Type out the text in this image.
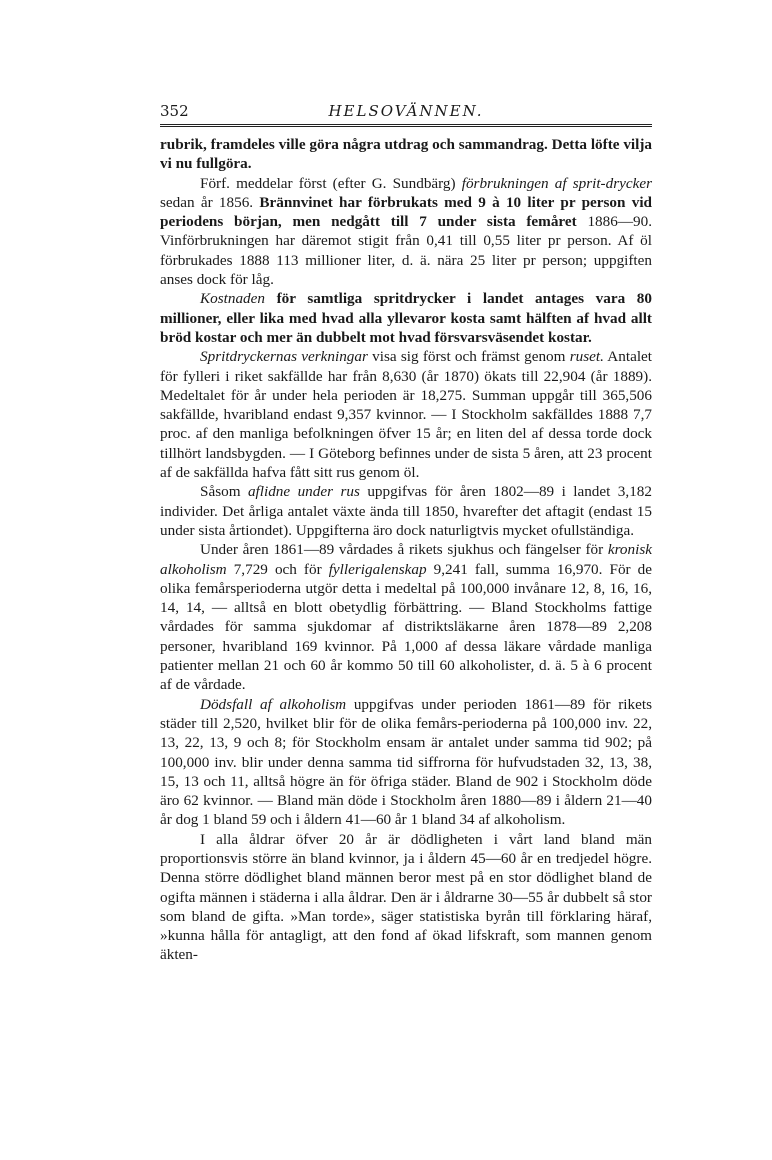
352	HELSOVÄNNEN.

rubrik, framdeles ville göra några utdrag och sammandrag. Detta löfte vilja vi nu fullgöra.

Förf. meddelar först (efter G. Sundbärg) förbrukningen af sprit-drycker sedan år 1856. Brännvinet har förbrukats med 9 à 10 liter pr person vid periodens början, men nedgått till 7 under sista femåret 1886—90. Vinförbrukningen har däremot stigit från 0,41 till 0,55 liter pr person. Af öl förbrukades 1888 113 millioner liter, d. ä. nära 25 liter pr person; uppgiften anses dock för låg.

Kostnaden för samtliga spritdrycker i landet antages vara 80 millioner, eller lika med hvad alla yllevaror kosta samt hälften af hvad allt bröd kostar och mer än dubbelt mot hvad försvarsväsendet kostar.

Spritdryckernas verkningar visa sig först och främst genom ruset. Antalet för fylleri i riket sakfällde har från 8,630 (år 1870) ökats till 22,904 (år 1889). Medeltalet för år under hela perioden är 18,275. Summan uppgår till 365,506 sakfällde, hvaribland endast 9,357 kvinnor. — I Stockholm sakfälldes 1888 7,7 proc. af den manliga befolkningen öfver 15 år; en liten del af dessa torde dock tillhört landsbygden. — I Göteborg befinnes under de sista 5 åren, att 23 procent af de sakfällda hafva fått sitt rus genom öl.

Såsom aflidne under rus uppgifvas för åren 1802—89 i landet 3,182 individer. Det årliga antalet växte ända till 1850, hvarefter det aftagit (endast 15 under sista årtiondet). Uppgifterna äro dock naturligtvis mycket ofullständiga.

Under åren 1861—89 vårdades å rikets sjukhus och fängelser för kronisk alkoholism 7,729 och för fyllerigalenskap 9,241 fall, summa 16,970. För de olika femårsperioderna utgör detta i medeltal på 100,000 invånare 12, 8, 16, 16, 14, 14, — alltså en blott obetydlig förbättring. — Bland Stockholms fattige vårdades för samma sjukdomar af distriktsläkarne åren 1878—89 2,208 personer, hvaribland 169 kvinnor. På 1,000 af dessa läkare vårdade manliga patienter mellan 21 och 60 år kommo 50 till 60 alkoholister, d. ä. 5 à 6 procent af de vårdade.

Dödsfall af alkoholism uppgifvas under perioden 1861—89 för rikets städer till 2,520, hvilket blir för de olika femårs-perioderna på 100,000 inv. 22, 13, 22, 13, 9 och 8; för Stockholm ensam är antalet under samma tid 902; på 100,000 inv. blir under denna samma tid siffrorna för hufvudstaden 32, 13, 38, 15, 13 och 11, alltså högre än för öfriga städer. Bland de 902 i Stockholm döde äro 62 kvinnor. — Bland män döde i Stockholm åren 1880—89 i åldern 21—40 år dog 1 bland 59 och i åldern 41—60 år 1 bland 34 af alkoholism.

I alla åldrar öfver 20 år är dödligheten i vårt land bland män proportionsvis större än bland kvinnor, ja i åldern 45—60 år en tredjedel högre. Denna större dödlighet bland männen beror mest på en stor dödlighet bland de ogifta männen i städerna i alla åldrar. Den är i åldrarne 30—55 år dubbelt så stor som bland de gifta. »Man torde», säger statistiska byrån till förklaring häraf, »kunna hålla för antagligt, att den fond af ökad lifskraft, som mannen genom äkten-
